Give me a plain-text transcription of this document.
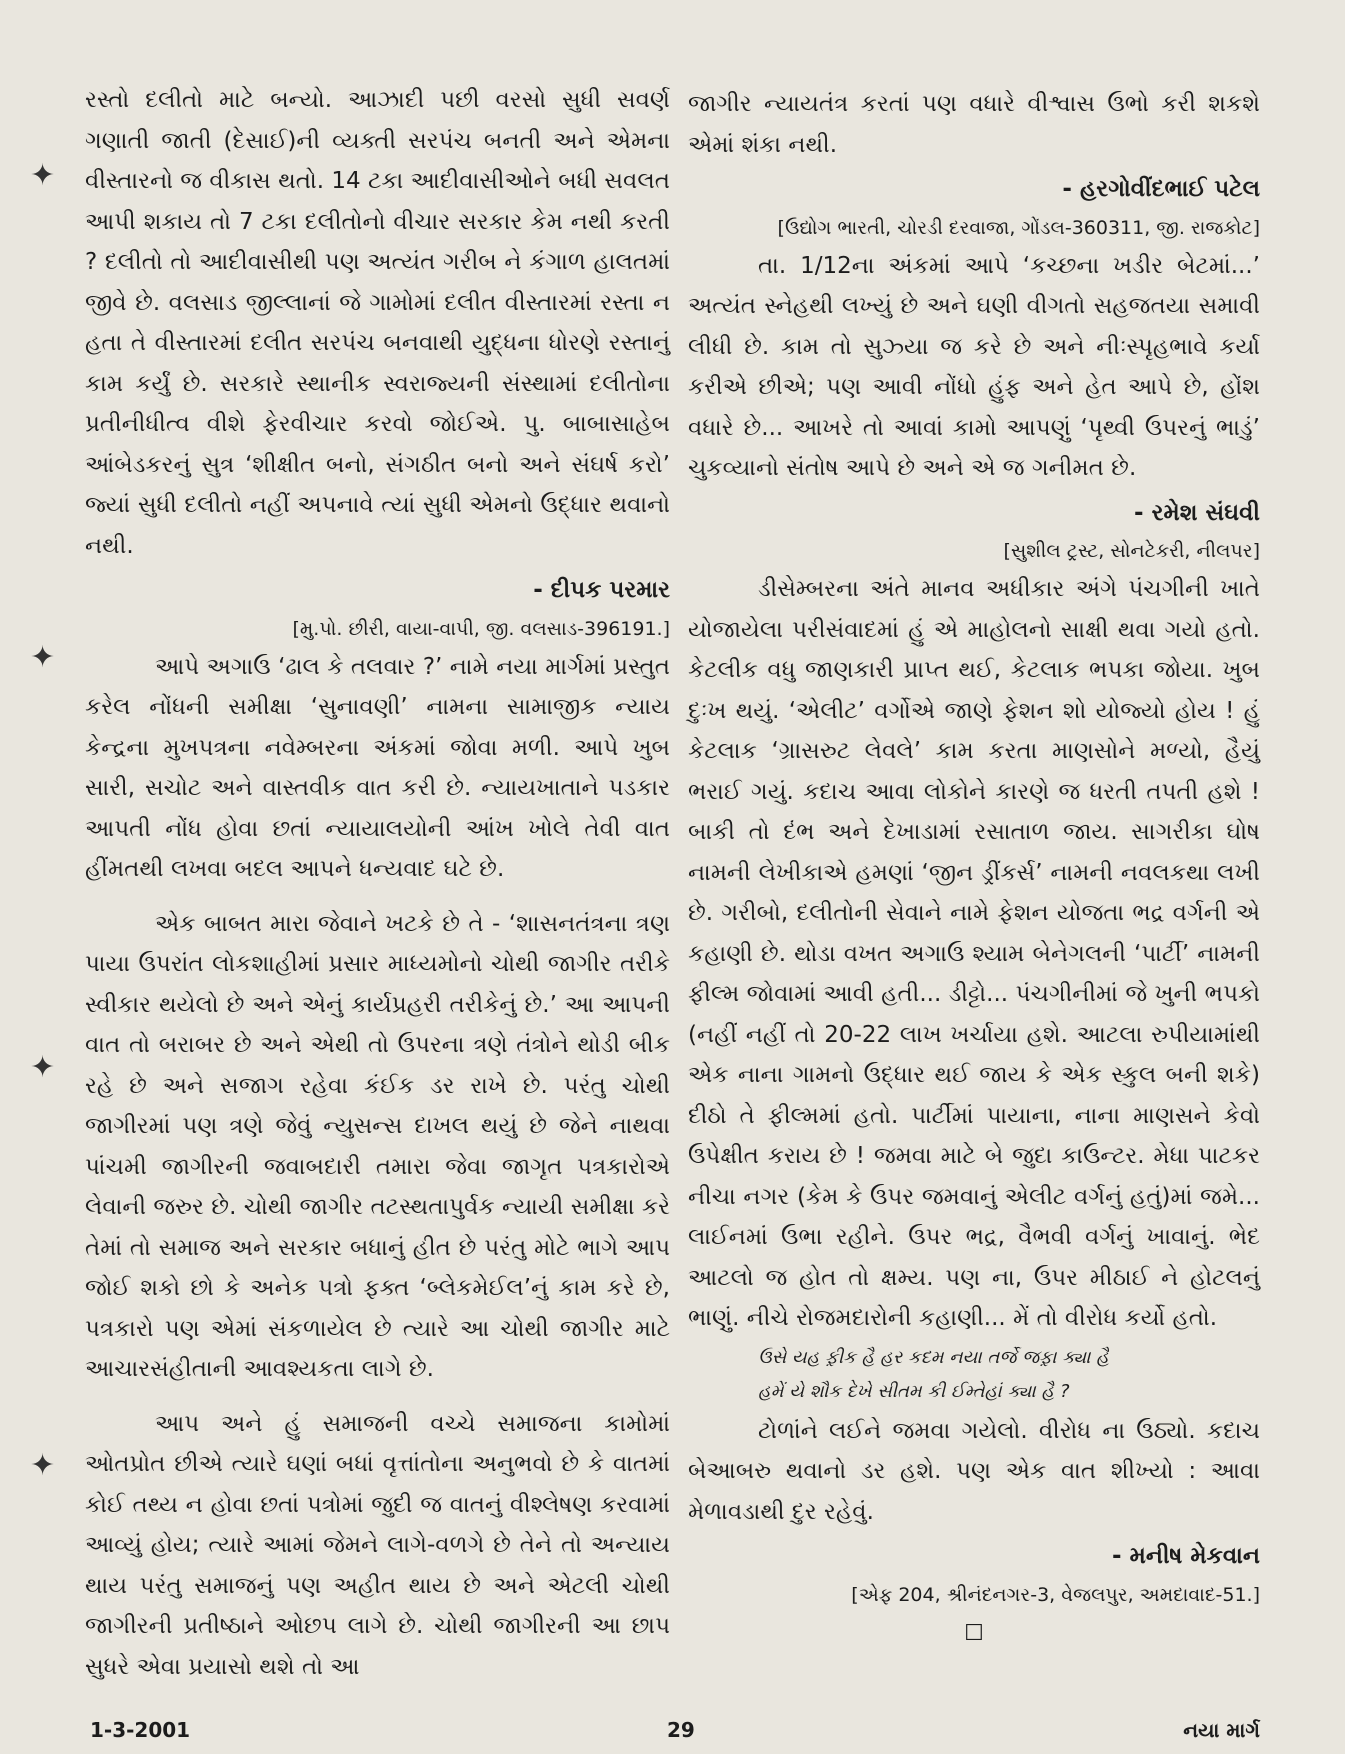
✦
✦
✦
✦

રસ્તો દલીતો માટે બન્યો. આઝાદી પછી વરસો સુધી સવર્ણ ગણાતી જાતી (દેસાઈ)ની વ્યક્તી સરપંચ બનતી અને એમના વીસ્તારનો જ વીકાસ થતો. 14 ટકા આદીવાસીઓને બધી સવલત આપી શકાય તો 7 ટકા દલીતોનો વીચાર સરકાર કેમ નથી કરતી ? દલીતો તો આદીવાસીથી પણ અત્યંત ગરીબ ને કંગાળ હાલતમાં જીવે છે. વલસાડ જીલ્લાનાં જે ગામોમાં દલીત વીસ્તારમાં રસ્તા ન હતા તે વીસ્તારમાં દલીત સરપંચ બનવાથી યુદ્ધના ધોરણે રસ્તાનું કામ કર્યું છે. સરકારે સ્થાનીક સ્વરાજ્યની સંસ્થામાં દલીતોના પ્રતીનીધીત્વ વીશે ફેરવીચાર કરવો જોઈએ. પુ. બાબાસાહેબ આંબેડકરનું સુત્ર ‘શીક્ષીત બનો, સંગઠીત બનો અને સંઘર્ષ કરો’ જ્યાં સુધી દલીતો નહીં અપનાવે ત્યાં સુધી એમનો ઉદ્ધાર થવાનો નથી.

- દીપક પરમાર

[મુ.પો. છીરી, વાયા-વાપી, જી. વલસાડ-396191.]

આપે અગાઉ ‘ઢાલ કે તલવાર ?’ નામે નયા માર્ગમાં પ્રસ્તુત કરેલ નોંધની સમીક્ષા ‘સુનાવણી’ નામના સામાજીક ન્યાય કેન્દ્રના મુખપત્રના નવેમ્બરના અંકમાં જોવા મળી. આપે ખુબ સારી, સચોટ અને વાસ્તવીક વાત કરી છે. ન્યાયખાતાને પડકાર આપતી નોંધ હોવા છતાં ન્યાયાલયોની આંખ ખોલે તેવી વાત હીંમતથી લખવા બદલ આપને ધન્યવાદ ઘટે છે.

એક બાબત મારા જેવાને ખટકે છે તે - ‘શાસનતંત્રના ત્રણ પાયા ઉપરાંત લોકશાહીમાં પ્રસાર માધ્યમોનો ચોથી જાગીર તરીકે સ્વીકાર થયેલો છે અને એનું કાર્યપ્રહરી તરીકેનું છે.’ આ આપની વાત તો બરાબર છે અને એથી તો ઉપરના ત્રણે તંત્રોને થોડી બીક રહે છે અને સજાગ રહેવા કંઈક ડર રાખે છે. પરંતુ ચોથી જાગીરમાં પણ ત્રણે જેવું ન્યુસન્સ દાખલ થયું છે જેને નાથવા પાંચમી જાગીરની જવાબદારી તમારા જેવા જાગૃત પત્રકારોએ લેવાની જરુર છે. ચોથી જાગીર તટસ્થતાપુર્વક ન્યાયી સમીક્ષા કરે તેમાં તો સમાજ અને સરકાર બધાનું હીત છે પરંતુ મોટે ભાગે આપ જોઈ શકો છો કે અનેક પત્રો ફક્ત ‘બ્લેકમેઈલ’નું કામ કરે છે, પત્રકારો પણ એમાં સંકળાયેલ છે ત્યારે આ ચોથી જાગીર માટે આચારસંહીતાની આવશ્યકતા લાગે છે.

આપ અને હું સમાજની વચ્ચે સમાજના કામોમાં ઓતપ્રોત છીએ ત્યારે ઘણાં બધાં વૃત્તાંતોના અનુભવો છે કે વાતમાં કોઈ તથ્ય ન હોવા છતાં પત્રોમાં જુદી જ વાતનું વીશ્લેષણ કરવામાં આવ્યું હોય; ત્યારે આમાં જેમને લાગે-વળગે છે તેને તો અન્યાય થાય પરંતુ સમાજનું પણ અહીત થાય છે અને એટલી ચોથી જાગીરની પ્રતીષ્ઠાને ઓછપ લાગે છે. ચોથી જાગીરની આ છાપ સુધરે એવા પ્રયાસો થશે તો આ

જાગીર ન્યાયતંત્ર કરતાં પણ વધારે વીશ્વાસ ઉભો કરી શકશે એમાં શંકા નથી.

- હરગોવીંદભાઈ પટેલ

[ઉદ્યોગ ભારતી, ચોરડી દરવાજા, ગોંડલ-360311, જી. રાજકોટ]

તા. 1/12ના અંકમાં આપે ‘કચ્છના ખડીર બેટમાં...’ અત્યંત સ્નેહથી લખ્યું છે અને ઘણી વીગતો સહજતયા સમાવી લીધી છે. કામ તો સુઝ્યા જ કરે છે અને નીઃસ્પૃહભાવે કર્યા કરીએ છીએ; પણ આવી નોંધો હુંફ અને હેત આપે છે, હોંશ વધારે છે... આખરે તો આવાં કામો આપણું ‘પૃથ્વી ઉપરનું ભાડું’ ચુકવ્યાનો સંતોષ આપે છે અને એ જ ગનીમત છે.

- રમેશ સંઘવી

[સુશીલ ટ્રસ્ટ, સોનટેકરી, નીલપર]

ડીસેમ્બરના અંતે માનવ અધીકાર અંગે પંચગીની ખાતે યોજાયેલા પરીસંવાદમાં હું એ માહોલનો સાક્ષી થવા ગયો હતો. કેટલીક વધુ જાણકારી પ્રાપ્ત થઈ, કેટલાક ભપકા જોયા. ખુબ દુઃખ થયું. ‘એલીટ’ વર્ગોએ જાણે ફેશન શો યોજ્યો હોય ! હું કેટલાક ‘ગ્રાસરુટ લેવલે’ કામ કરતા માણસોને મળ્યો, હૈયું ભરાઈ ગયું. કદાચ આવા લોકોને કારણે જ ધરતી તપતી હશે ! બાકી તો દંભ અને દેખાડામાં રસાતાળ જાય. સાગરીકા ઘોષ નામની લેખીકાએ હમણાં ‘જીન ડ્રીંકર્સ’ નામની નવલકથા લખી છે. ગરીબો, દલીતોની સેવાને નામે ફેશન યોજતા ભદ્ર વર્ગની એ કહાણી છે. થોડા વખત અગાઉ શ્યામ બેનેગલની ‘પાર્ટી’ નામની ફીલ્મ જોવામાં આવી હતી... ડીટ્ટો... પંચગીનીમાં જે ખુની ભપકો (નહીં નહીં તો 20-22 લાખ ખર્ચાયા હશે. આટલા રુપીયામાંથી એક નાના ગામનો ઉદ્ધાર થઈ જાય કે એક સ્કુલ બની શકે) દીઠો તે ફીલ્મમાં હતો. પાર્ટીમાં પાયાના, નાના માણસને કેવો ઉપેક્ષીત કરાય છે ! જમવા માટે બે જુદા કાઉન્ટર. મેધા પાટકર નીચા નગર (કેમ કે ઉપર જમવાનું એલીટ વર્ગનું હતું)માં જમે... લાઈનમાં ઉભા રહીને. ઉપર ભદ્ર, વૈભવી વર્ગનું ખાવાનું. ભેદ આટલો જ હોત તો ક્ષમ્ય. પણ ના, ઉપર મીઠાઈ ને હોટલનું ભાણું. નીચે રોજમદારોની કહાણી... મેં તો વીરોધ કર્યો હતો.

ઉસે યહ ફ઼ીક હૈ હર કદમ નયા તર્જે જફ઼ા ક્યા હૈ

હમેં યે શૌક દેખે સીતમ કી ઈમ્તેહાં ક્યા હૈ ?

ટોળાંને લઈને જમવા ગયેલો. વીરોધ ના ઉઠ્યો. કદાચ બેઆબરુ થવાનો ડર હશે. પણ એક વાત શીખ્યો : આવા મેળાવડાથી દુર રહેવું.

- મનીષ મેકવાન

[એફ 204, શ્રીનંદનગર-3, વેજલપુર, અમદાવાદ-51.]

☐

1-3-2001	29	નયા માર્ગ
